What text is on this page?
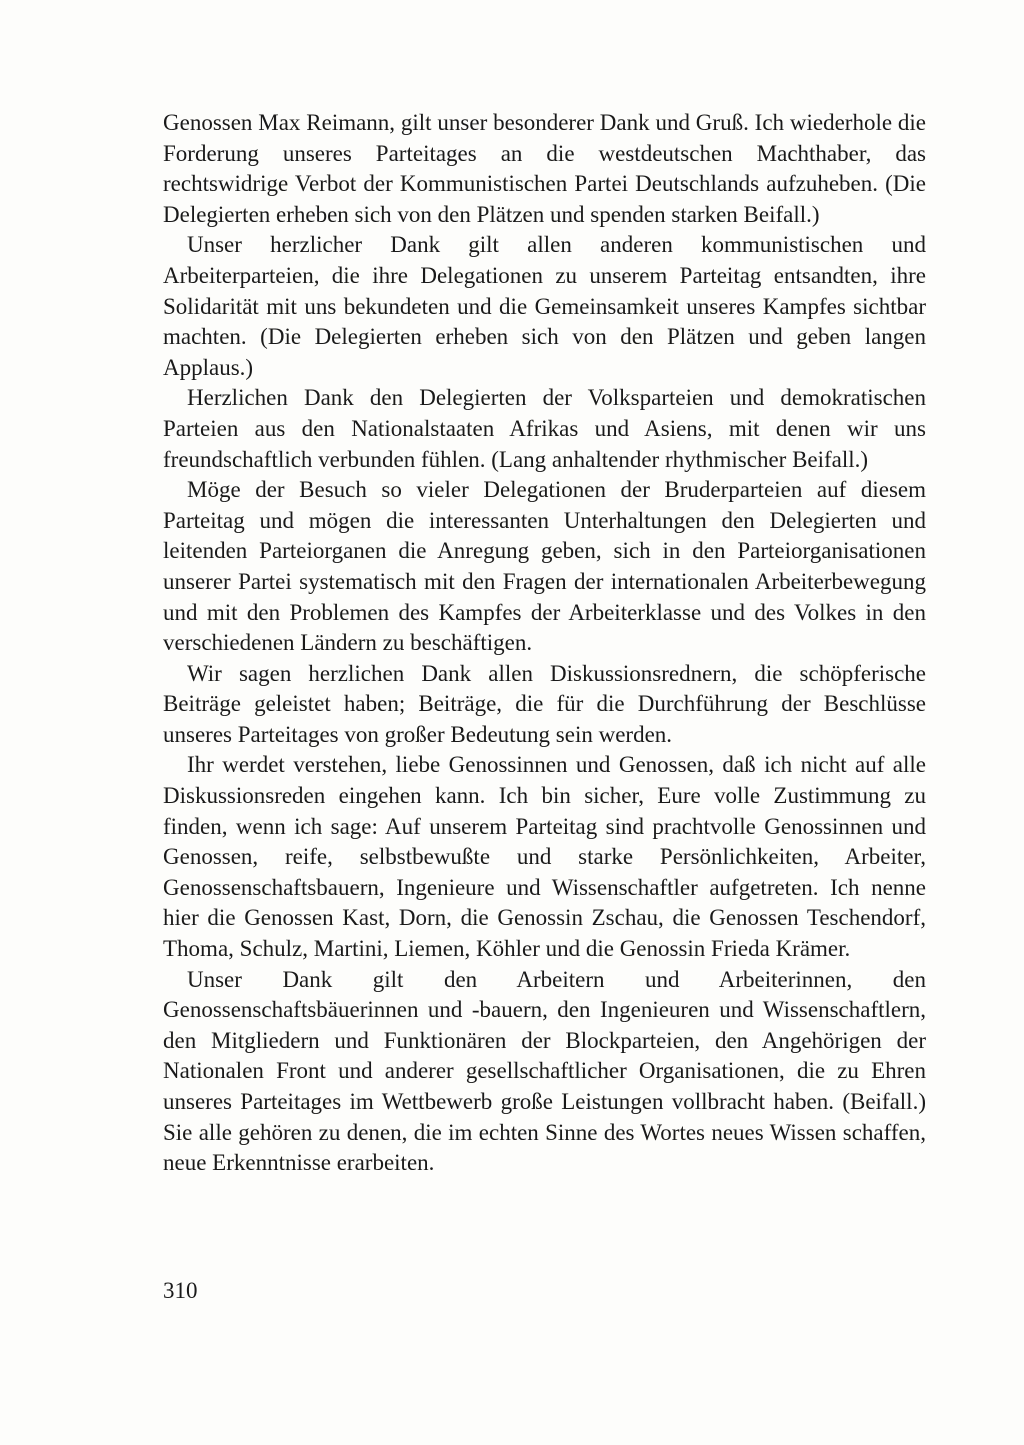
Genossen Max Reimann, gilt unser besonderer Dank und Gruß. Ich wiederhole die Forderung unseres Parteitages an die westdeutschen Machthaber, das rechtswidrige Verbot der Kommunistischen Partei Deutschlands aufzuheben. (Die Delegierten erheben sich von den Plätzen und spenden starken Beifall.)

Unser herzlicher Dank gilt allen anderen kommunistischen und Arbeiterparteien, die ihre Delegationen zu unserem Parteitag entsandten, ihre Solidarität mit uns bekundeten und die Gemeinsamkeit unseres Kampfes sichtbar machten. (Die Delegierten erheben sich von den Plätzen und geben langen Applaus.)

Herzlichen Dank den Delegierten der Volksparteien und demokratischen Parteien aus den Nationalstaaten Afrikas und Asiens, mit denen wir uns freundschaftlich verbunden fühlen. (Lang anhaltender rhythmischer Beifall.)

Möge der Besuch so vieler Delegationen der Bruderparteien auf diesem Parteitag und mögen die interessanten Unterhaltungen den Delegierten und leitenden Parteiorganen die Anregung geben, sich in den Parteiorganisationen unserer Partei systematisch mit den Fragen der internationalen Arbeiterbewegung und mit den Problemen des Kampfes der Arbeiterklasse und des Volkes in den verschiedenen Ländern zu beschäftigen.

Wir sagen herzlichen Dank allen Diskussionsrednern, die schöpferische Beiträge geleistet haben; Beiträge, die für die Durchführung der Beschlüsse unseres Parteitages von großer Bedeutung sein werden.

Ihr werdet verstehen, liebe Genossinnen und Genossen, daß ich nicht auf alle Diskussionsreden eingehen kann. Ich bin sicher, Eure volle Zustimmung zu finden, wenn ich sage: Auf unserem Parteitag sind prachtvolle Genossinnen und Genossen, reife, selbstbewußte und starke Persönlichkeiten, Arbeiter, Genossenschaftsbauern, Ingenieure und Wissenschaftler aufgetreten. Ich nenne hier die Genossen Kast, Dorn, die Genossin Zschau, die Genossen Teschendorf, Thoma, Schulz, Martini, Liemen, Köhler und die Genossin Frieda Krämer.

Unser Dank gilt den Arbeitern und Arbeiterinnen, den Genossenschaftsbäuerinnen und -bauern, den Ingenieuren und Wissenschaftlern, den Mitgliedern und Funktionären der Blockparteien, den Angehörigen der Nationalen Front und anderer gesellschaftlicher Organisationen, die zu Ehren unseres Parteitages im Wettbewerb große Leistungen vollbracht haben. (Beifall.) Sie alle gehören zu denen, die im echten Sinne des Wortes neues Wissen schaffen, neue Erkenntnisse erarbeiten.

310
